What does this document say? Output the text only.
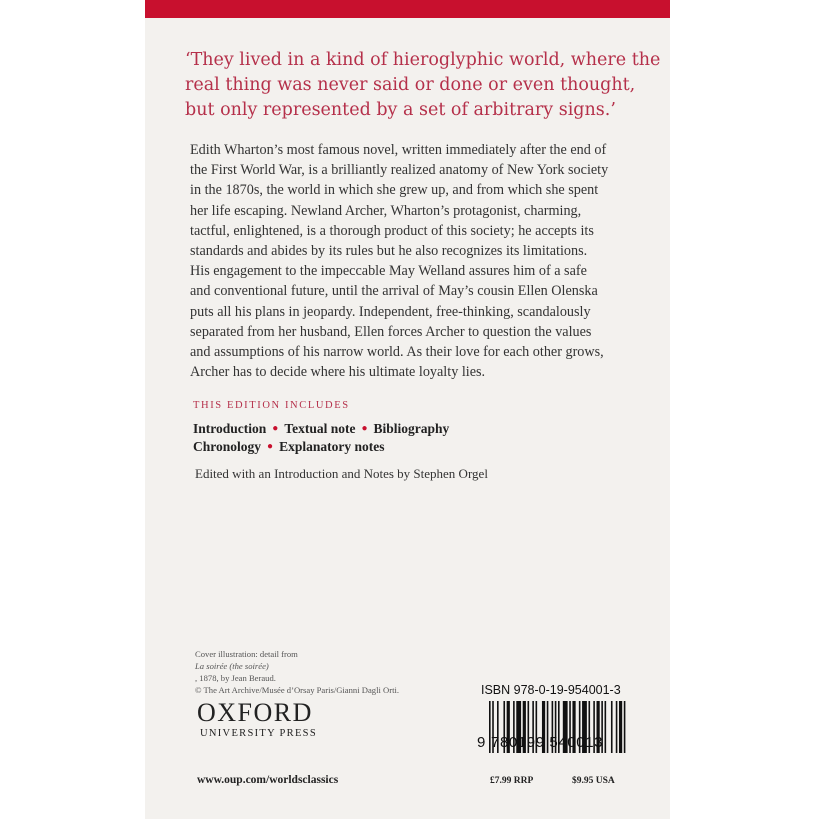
‘They lived in a kind of hieroglyphic world, where the
real thing was never said or done or even thought,
but only represented by a set of arbitrary signs.’

Edith Wharton’s most famous novel, written immediately after the end of
the First World War, is a brilliantly realized anatomy of New York society
in the 1870s, the world in which she grew up, and from which she spent
her life escaping. Newland Archer, Wharton’s protagonist, charming,
tactful, enlightened, is a thorough product of this society; he accepts its
standards and abides by its rules but he also recognizes its limitations.
His engagement to the impeccable May Welland assures him of a safe
and conventional future, until the arrival of May’s cousin Ellen Olenska
puts all his plans in jeopardy. Independent, free-thinking, scandalously
separated from her husband, Ellen forces Archer to question the values
and assumptions of his narrow world. As their love for each other grows,
Archer has to decide where his ultimate loyalty lies.

THIS EDITION INCLUDES

Introduction ● Textual note ● Bibliography

Chronology ● Explanatory notes

Edited with an Introduction and Notes by Stephen Orgel

Cover illustration: detail from
La soirée (the soirée)
, 1878, by Jean Beraud.
© The Art Archive/Musée d’Orsay Paris/Gianni Dagli Orti.

OXFORD
UNIVERSITY PRESS
www.oup.com/worldsclassics
ISBN 978-0-19-954001-3
9 780199 540013
£7.99 RRP	$9.95 USA
